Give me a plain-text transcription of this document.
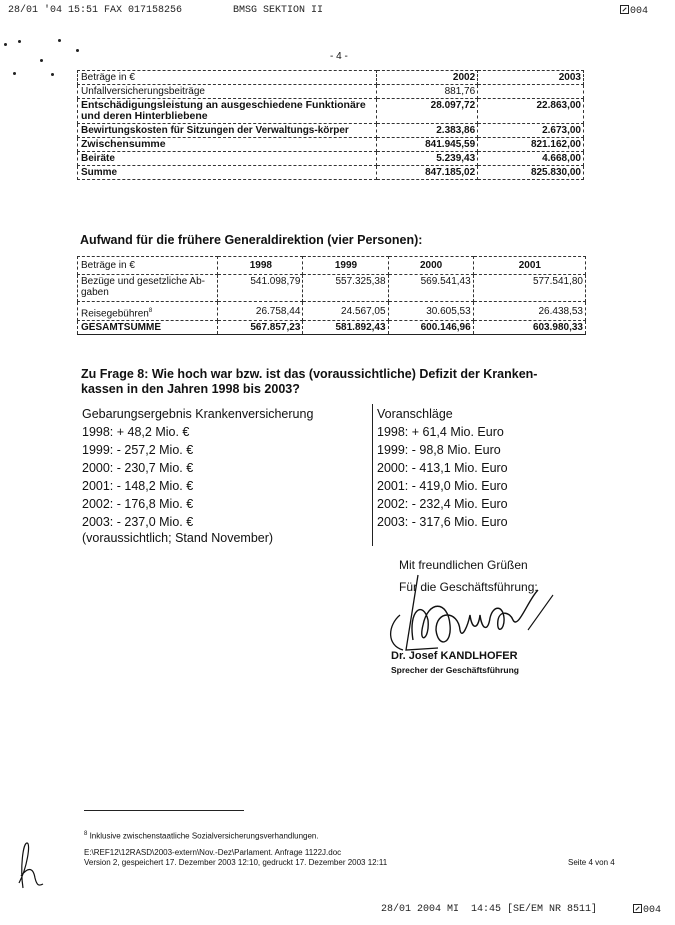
28/01 '04 15:51 FAX 017158256	BMSG SEKTION II	004
- 4 -
Beträge in €	2002	2003
Unfallversicherungsbeiträge	881,76	
Entschädigungsleistung an ausgeschiedene Funktionäre und deren Hinterbliebene	28.097,72	22.863,00
Bewirtungskosten für Sitzungen der Verwaltungs-körper	2.383,86	2.673,00
Zwischensumme	841.945,59	821.162,00
Beiräte	5.239,43	4.668,00
Summe	847.185,02	825.830,00
Aufwand für die frühere Generaldirektion (vier Personen):
Beträge in €	1998	1999	2000	2001
Bezüge und gesetzliche Ab-gaben	541.098,79	557.325,38	569.541,43	577.541,80
Reisegebühren$^8$	26.758,44	24.567,05	30.605,53	26.438,53
GESAMTSUMME	567.857,23	581.892,43	600.146,96	603.980,33
Zu Frage 8: Wie hoch war bzw. ist das (voraussichtliche) Defizit der Kranken-
kassen in den Jahren 1998 bis 2003?
Gebarungsergebnis Krankenversicherung
1998: + 48,2 Mio. €
1999: - 257,2 Mio. €
2000: - 230,7 Mio. €
2001: - 148,2 Mio. €
2002: - 176,8 Mio. €
2003: - 237,0 Mio. €
(voraussichtlich; Stand November)
Voranschläge
1998: + 61,4 Mio. Euro
1999: - 98,8 Mio. Euro
2000: - 413,1 Mio. Euro
2001: - 419,0 Mio. Euro
2002: - 232,4 Mio. Euro
2003: - 317,6 Mio. Euro
Mit freundlichen Grüßen
Für die Geschäftsführung:
Dr. Josef KANDLHOFER
Sprecher der Geschäftsführung
$^8$ Inklusive zwischenstaatliche Sozialversicherungsverhandlungen.
E:\REF12\12RASD\2003-extern\Nov.-Dez\Parlament. Anfrage 1122J.doc
Version 2, gespeichert 17. Dezember 2003 12:10, gedruckt 17. Dezember 2003 12:11	Seite 4 von 4
28/01 2004 MI  14:45 [SE/EM NR 8511]	004
